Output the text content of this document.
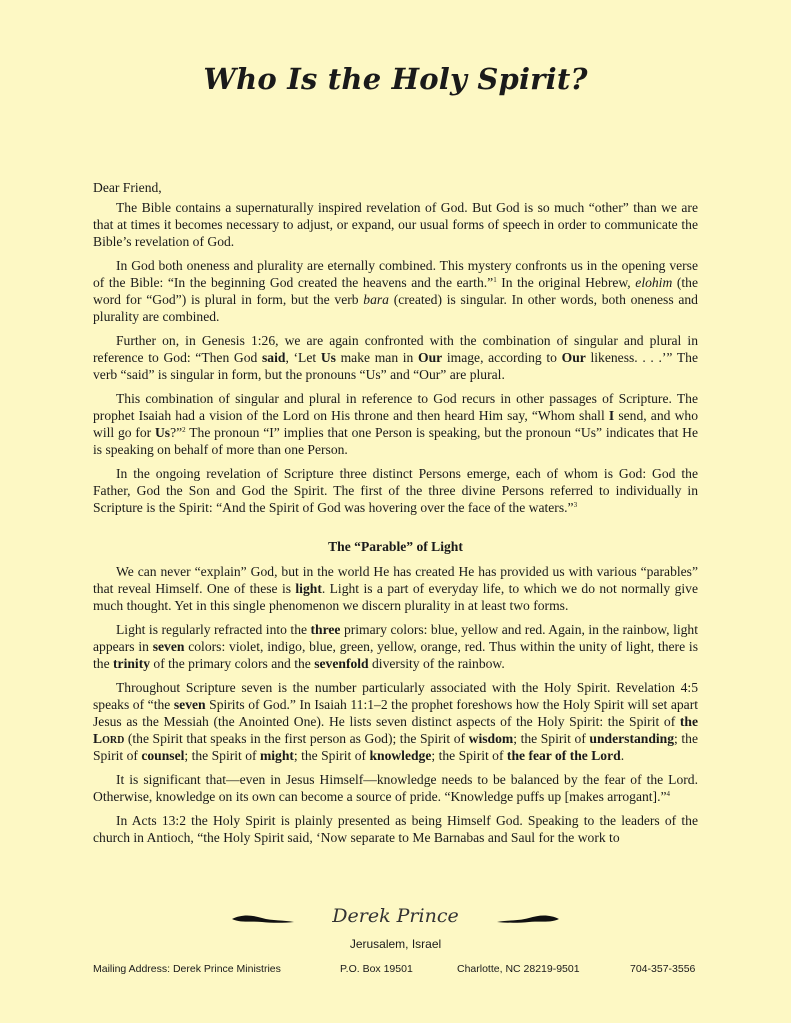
Who Is the Holy Spirit?

Dear Friend,

The Bible contains a supernaturally inspired revelation of God. But God is so much “other” than we are that at times it becomes necessary to adjust, or expand, our usual forms of speech in order to communicate the Bible’s revelation of God.

In God both oneness and plurality are eternally combined. This mystery confronts us in the opening verse of the Bible: “In the beginning God created the heavens and the earth.”$^1$ In the original Hebrew, elohim (the word for “God”) is plural in form, but the verb bara (created) is singular. In other words, both oneness and plurality are combined.

Further on, in Genesis 1:26, we are again confronted with the combination of singular and plural in reference to God: “Then God said, ‘Let Us make man in Our image, according to Our likeness. . . .’” The verb “said” is singular in form, but the pronouns “Us” and “Our” are plural.

This combination of singular and plural in reference to God recurs in other passages of Scripture. The prophet Isaiah had a vision of the Lord on His throne and then heard Him say, “Whom shall I send, and who will go for Us?”$^2$ The pronoun “I” implies that one Person is speaking, but the pronoun “Us” indicates that He is speaking on behalf of more than one Person.

In the ongoing revelation of Scripture three distinct Persons emerge, each of whom is God: God the Father, God the Son and God the Spirit. The first of the three divine Persons referred to individually in Scripture is the Spirit: “And the Spirit of God was hovering over the face of the waters.”$^3$

The “Parable” of Light

We can never “explain” God, but in the world He has created He has provided us with various “parables” that reveal Himself. One of these is light. Light is a part of everyday life, to which we do not normally give much thought. Yet in this single phenomenon we discern plurality in at least two forms.

Light is regularly refracted into the three primary colors: blue, yellow and red. Again, in the rainbow, light appears in seven colors: violet, indigo, blue, green, yellow, orange, red. Thus within the unity of light, there is the trinity of the primary colors and the sevenfold diversity of the rainbow.

Throughout Scripture seven is the number particularly associated with the Holy Spirit. Revelation 4:5 speaks of “the seven Spirits of God.” In Isaiah 11:1–2 the prophet foreshows how the Holy Spirit will set apart Jesus as the Messiah (the Anointed One). He lists seven distinct aspects of the Holy Spirit: the Spirit of the Lord (the Spirit that speaks in the first person as God); the Spirit of wisdom; the Spirit of understanding; the Spirit of counsel; the Spirit of might; the Spirit of knowledge; the Spirit of the fear of the Lord.

It is significant that—even in Jesus Himself—knowledge needs to be balanced by the fear of the Lord. Otherwise, knowledge on its own can become a source of pride. “Knowledge puffs up [makes arrogant].”$^4$

In Acts 13:2 the Holy Spirit is plainly presented as being Himself God. Speaking to the leaders of the church in Antioch, “the Holy Spirit said, ‘Now separate to Me Barnabas and Saul for the work to

Derek Prince
Jerusalem, Israel
Mailing Address: Derek Prince Ministries	P.O. Box 19501	Charlotte, NC 28219-9501	704-357-3556
